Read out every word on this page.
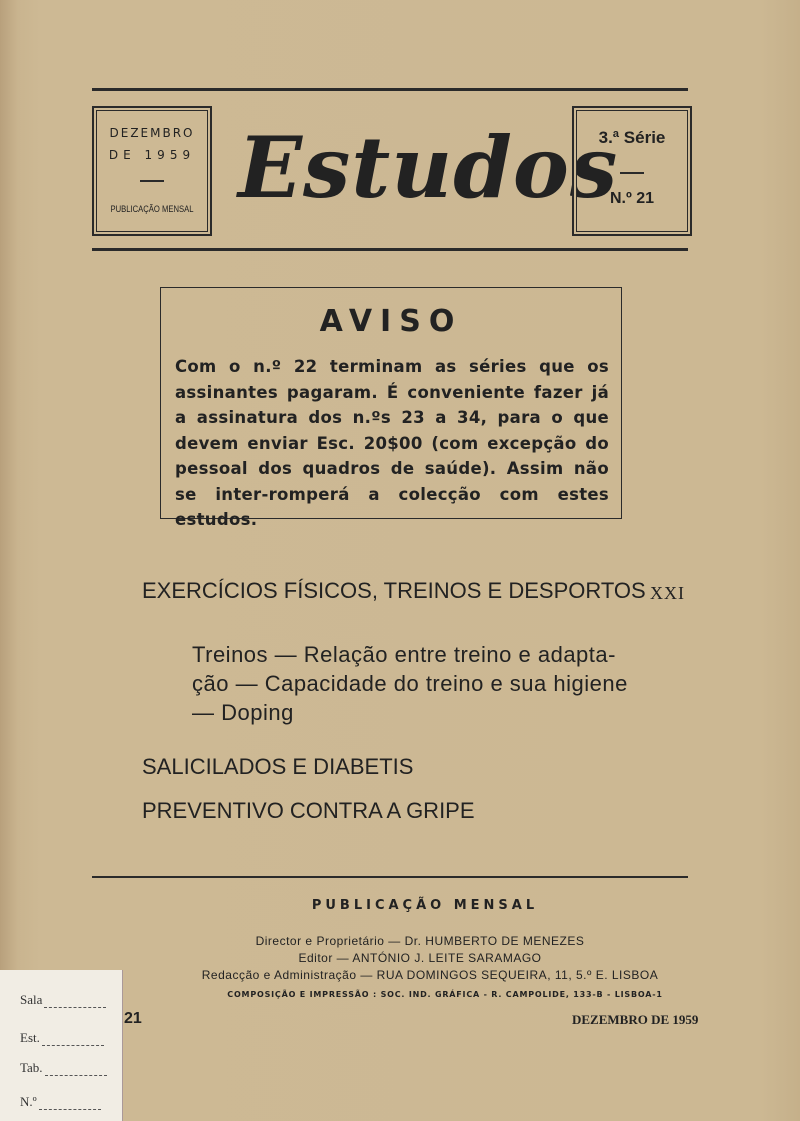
DEZEMBRO
DE 1959
PUBLICAÇÃO MENSAL Estudos
3.ª Série
N.º 21
AVISO
Com o n.º 22 terminam as séries que os assinantes pagaram. É conveniente fazer já a assinatura dos n.ºs 23 a 34, para o que devem enviar Esc. 20$00 (com excepção do pessoal dos quadros de saúde). Assim não se inter-romperá a colecção com estes estudos.
EXERCÍCIOS FÍSICOS, TREINOS E DESPORTOS XXI
Treinos — Relação entre treino e adapta-ção — Capacidade do treino e sua higiene — Doping
SALICILADOS E DIABETIS
PREVENTIVO CONTRA A GRIPE
PUBLICAÇÃO MENSAL
Director e Proprietário — Dr. HUMBERTO DE MENEZES
Editor — ANTÓNIO J. LEITE SARAMAGO
Redacção e Administração — RUA DOMINGOS SEQUEIRA, 11, 5.º E. LISBOA
COMPOSIÇÃO E IMPRESSÃO : SOC. IND. GRÁFICA - R. CAMPOLIDE, 133-B - LISBOA-1
21	DEZEMBRO DE 1959
Sala
Est.
Tab.
N.º
